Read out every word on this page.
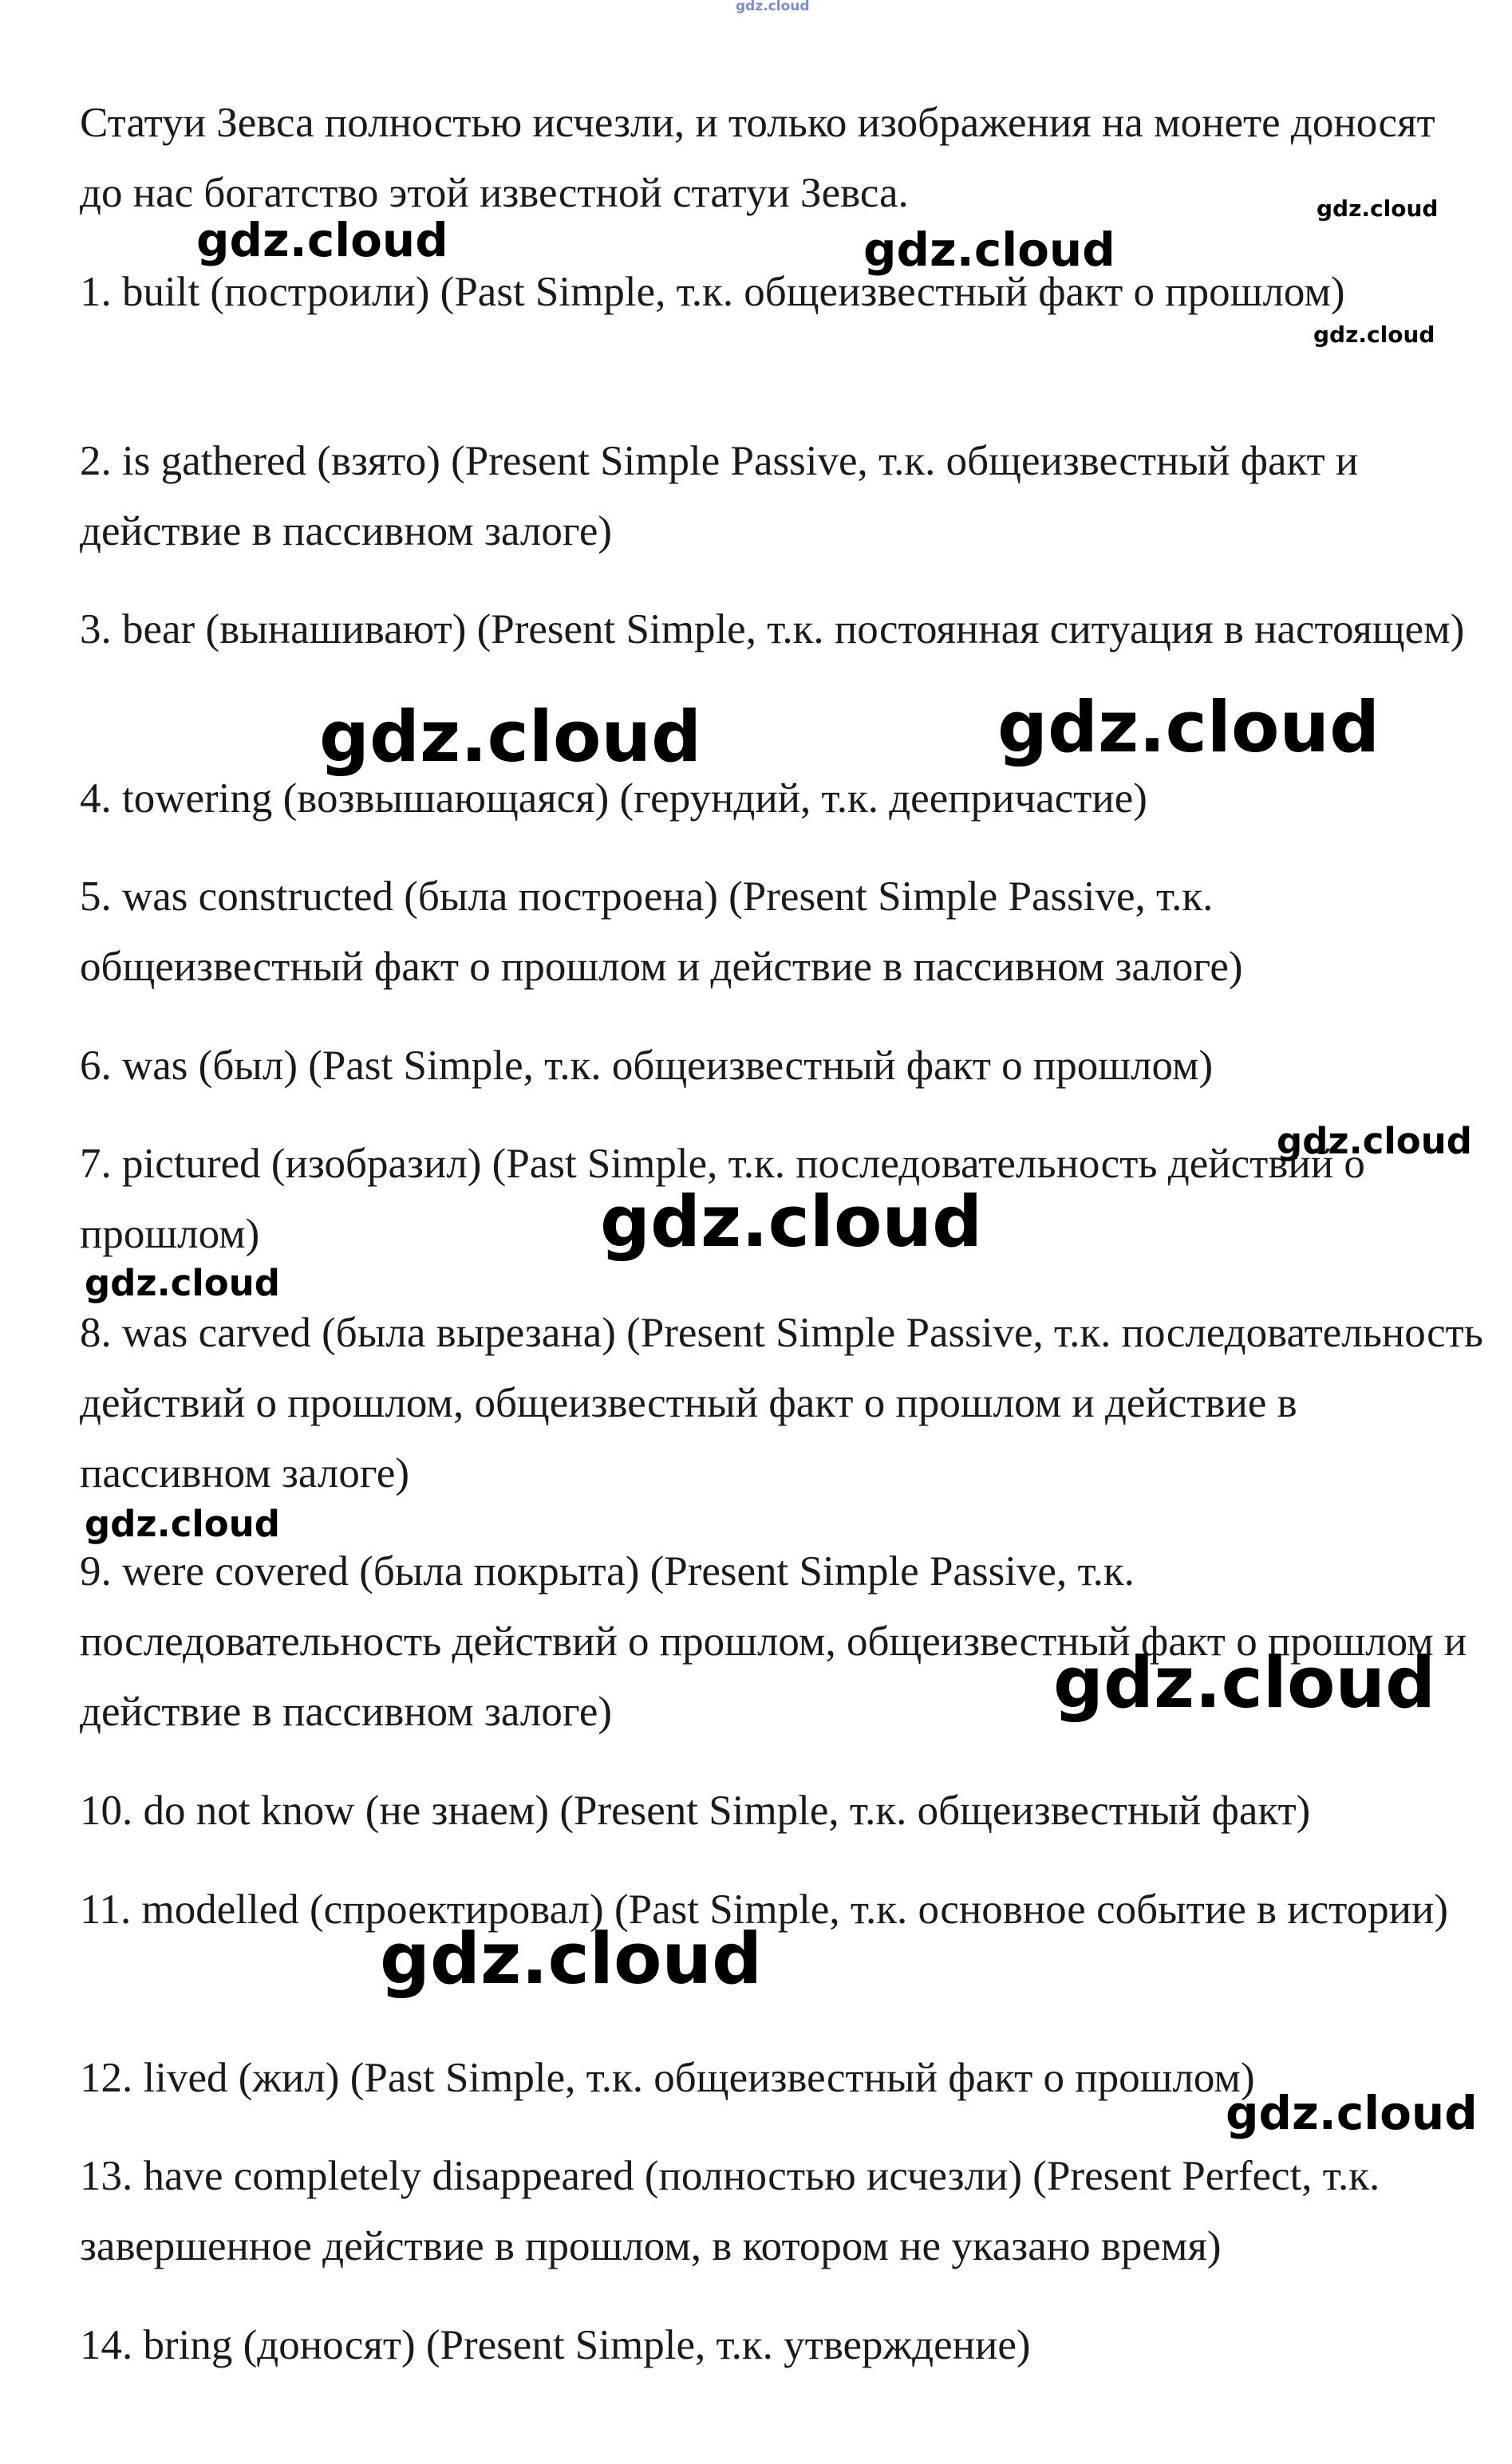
gdz.cloud
Статуи Зевса полностью исчезли, и только изображения на монете доносят до нас богатство этой известной статуи Зевса.
1. built (построили) (Past Simple, т.к. общеизвестный факт о прошлом)
2. is gathered (взято) (Present Simple Passive, т.к. общеизвестный факт и действие в пассивном залоге)
3. bear (вынашивают) (Present Simple, т.к. постоянная ситуация в настоящем)
4. towering (возвышающаяся) (герундий, т.к. деепричастие)
5. was constructed (была построена) (Present Simple Passive, т.к. общеизвестный факт о прошлом и действие в пассивном залоге)
6. was (был) (Past Simple, т.к. общеизвестный факт о прошлом)
7. pictured (изобразил) (Past Simple, т.к. последовательность действий о прошлом)
8. was carved (была вырезана) (Present Simple Passive, т.к. последовательность действий о прошлом, общеизвестный факт о прошлом и действие в пассивном залоге)
9. were covered (была покрыта) (Present Simple Passive, т.к. последовательность действий о прошлом, общеизвестный факт о прошлом и действие в пассивном залоге)
10. do not know (не знаем) (Present Simple, т.к. общеизвестный факт)
11. modelled (спроектировал) (Past Simple, т.к. основное событие в истории)
12. lived (жил) (Past Simple, т.к. общеизвестный факт о прошлом)
13. have completely disappeared (полностью исчезли) (Present Perfect, т.к. завершенное действие в прошлом, в котором не указано время)
14. bring (доносят) (Present Simple, т.к. утверждение)
gdz.cloud
gdz.cloud	gdz.cloud
gdz.cloud
gdz.cloud	gdz.cloud
gdz.cloud
gdz.cloud
gdz.cloud
gdz.cloud
gdz.cloud
gdz.cloud
gdz.cloud
